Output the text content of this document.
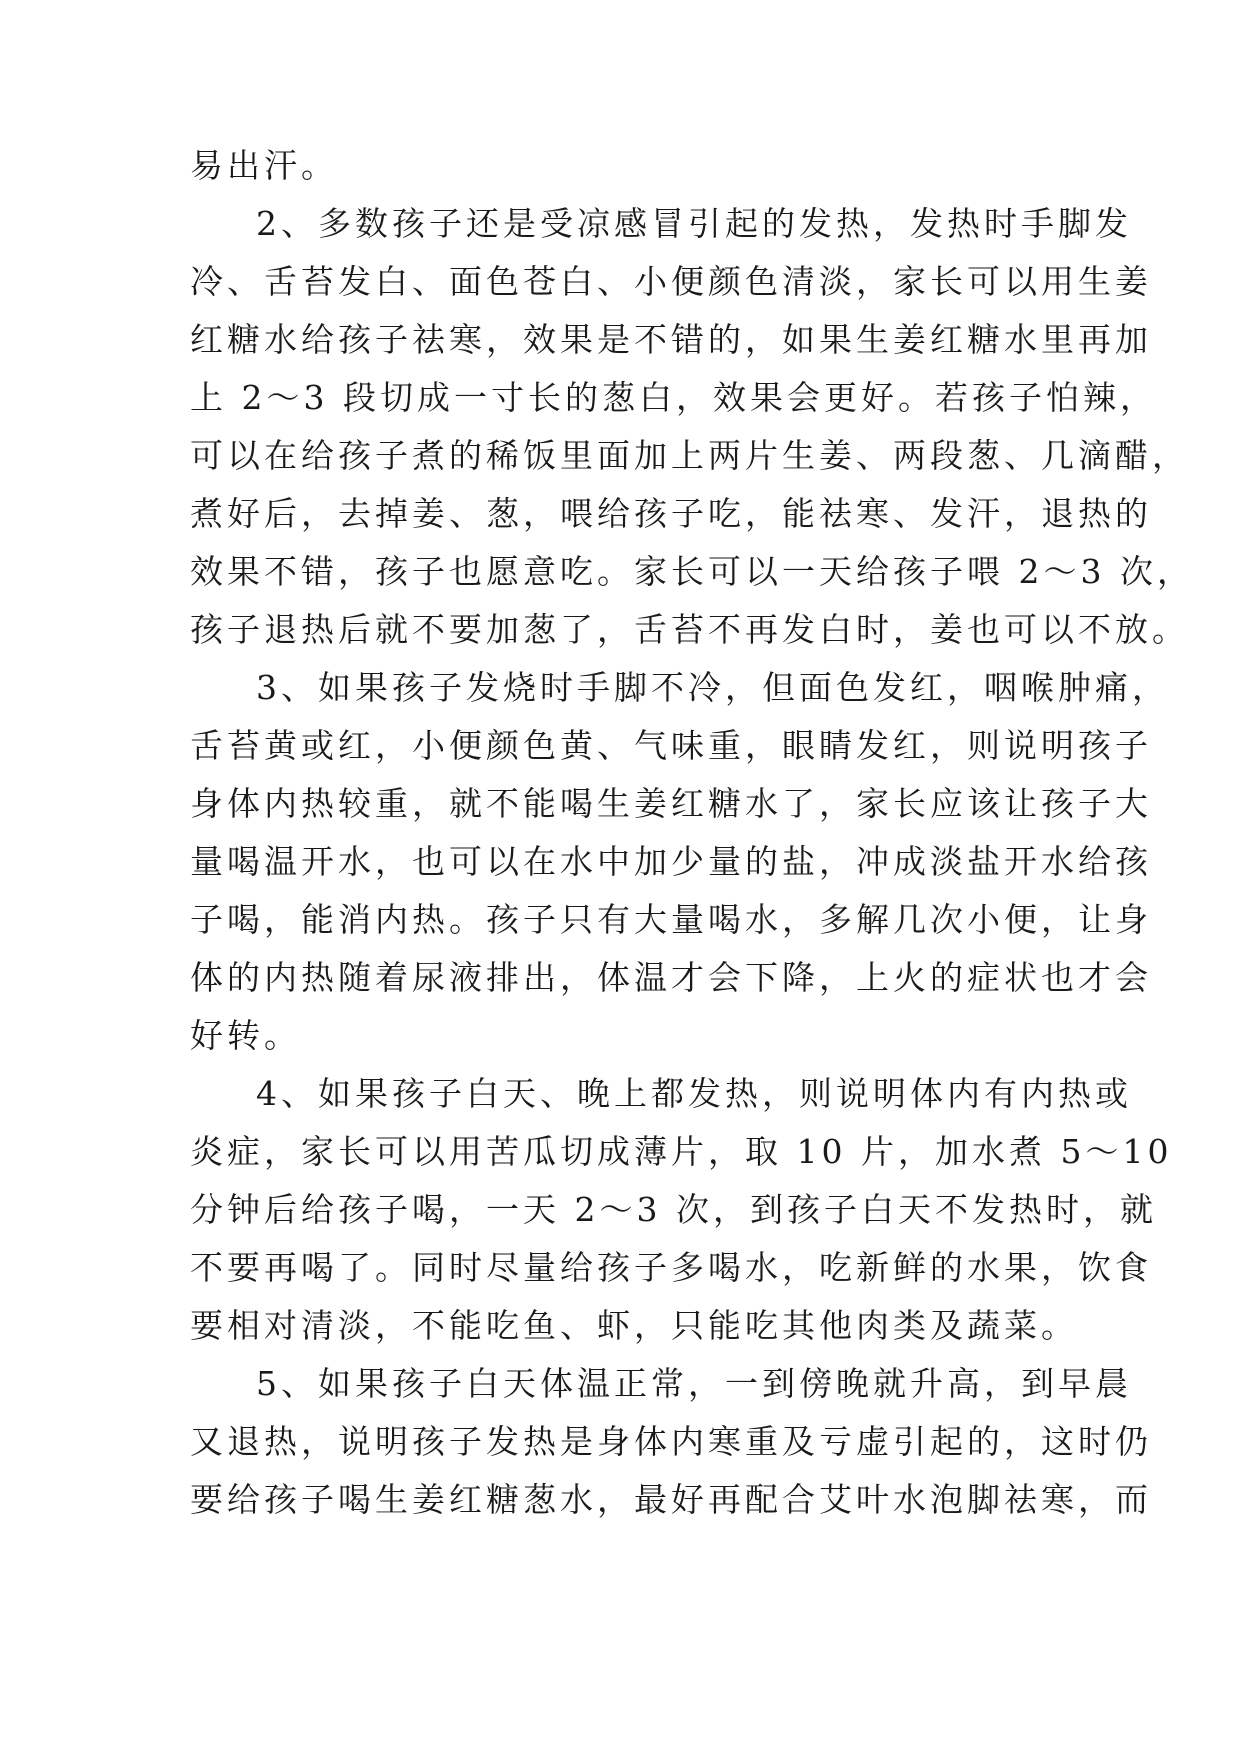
易出汗。
2、多数孩子还是受凉感冒引起的发热，发热时手脚发
冷、舌苔发白、面色苍白、小便颜色清淡，家长可以用生姜
红糖水给孩子祛寒，效果是不错的，如果生姜红糖水里再加
上 2～3 段切成一寸长的葱白，效果会更好。若孩子怕辣，
可以在给孩子煮的稀饭里面加上两片生姜、两段葱、几滴醋，
煮好后，去掉姜、葱，喂给孩子吃，能祛寒、发汗，退热的
效果不错，孩子也愿意吃。家长可以一天给孩子喂 2～3 次，
孩子退热后就不要加葱了，舌苔不再发白时，姜也可以不放。
3、如果孩子发烧时手脚不冷，但面色发红，咽喉肿痛，
舌苔黄或红，小便颜色黄、气味重，眼睛发红，则说明孩子
身体内热较重，就不能喝生姜红糖水了，家长应该让孩子大
量喝温开水，也可以在水中加少量的盐，冲成淡盐开水给孩
子喝，能消内热。孩子只有大量喝水，多解几次小便，让身
体的内热随着尿液排出，体温才会下降，上火的症状也才会
好转。
4、如果孩子白天、晚上都发热，则说明体内有内热或
炎症，家长可以用苦瓜切成薄片，取 10 片，加水煮 5～10
分钟后给孩子喝，一天 2～3 次，到孩子白天不发热时，就
不要再喝了。同时尽量给孩子多喝水，吃新鲜的水果，饮食
要相对清淡，不能吃鱼、虾，只能吃其他肉类及蔬菜。
5、如果孩子白天体温正常，一到傍晚就升高，到早晨
又退热，说明孩子发热是身体内寒重及亏虚引起的，这时仍
要给孩子喝生姜红糖葱水，最好再配合艾叶水泡脚祛寒，而
